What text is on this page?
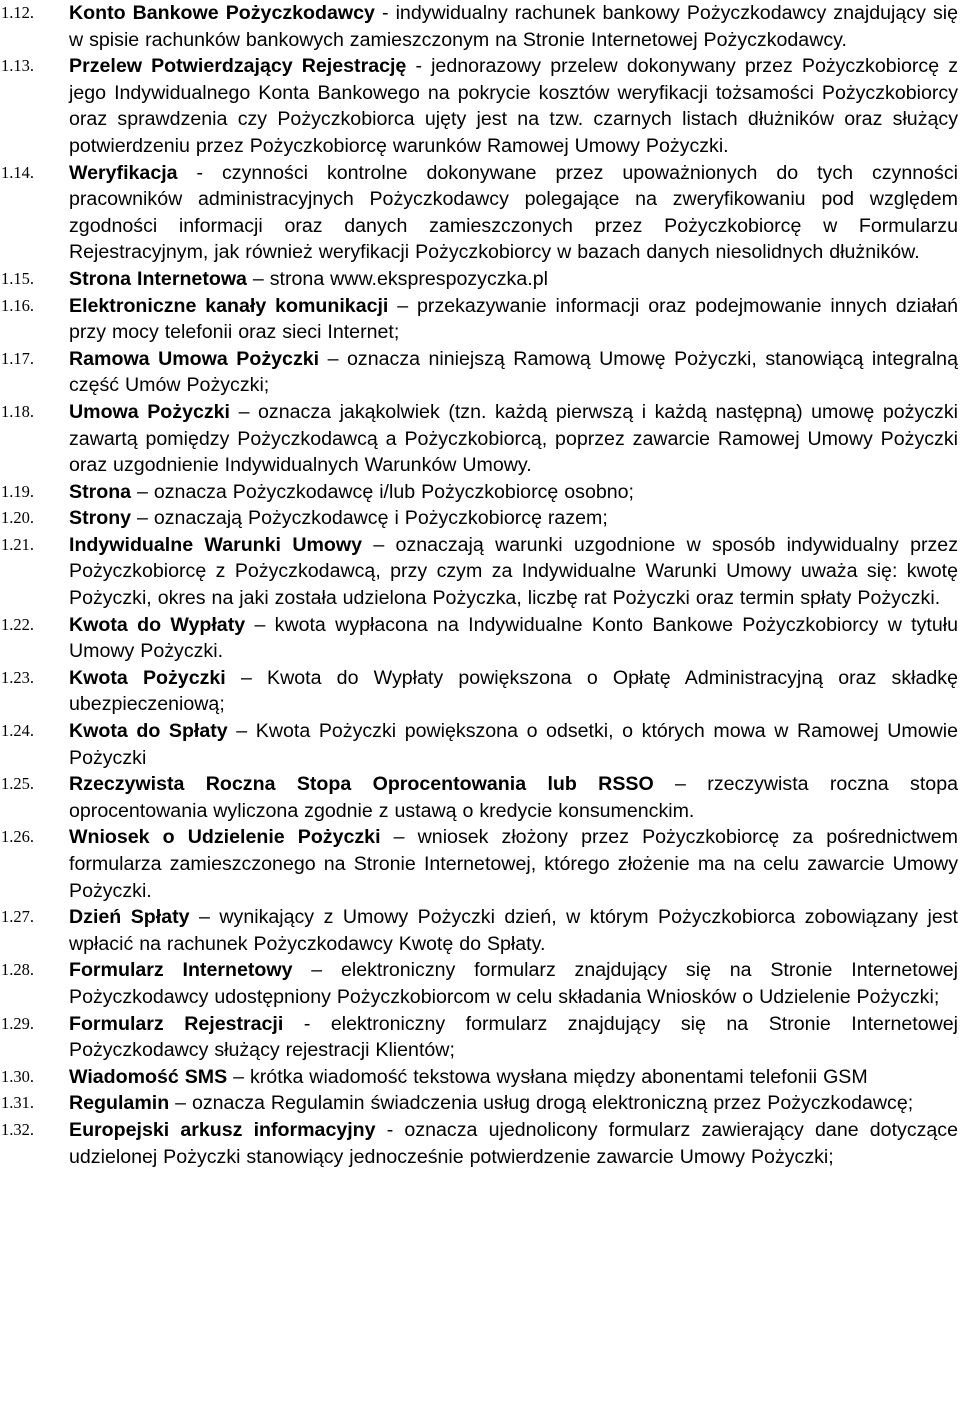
1.12.	Konto Bankowe Pożyczkodawcy - indywidualny rachunek bankowy Pożyczkodawcy znajdujący się w spisie rachunków bankowych zamieszczonym na Stronie Internetowej Pożyczkodawcy.
1.13.	Przelew Potwierdzający Rejestrację - jednorazowy przelew dokonywany przez Pożyczkobiorcę z jego Indywidualnego Konta Bankowego na pokrycie kosztów weryfikacji tożsamości Pożyczkobiorcy oraz sprawdzenia czy Pożyczkobiorca ujęty jest na tzw. czarnych listach dłużników oraz służący potwierdzeniu przez Pożyczkobiorcę warunków Ramowej Umowy Pożyczki.
1.14.	Weryfikacja - czynności kontrolne dokonywane przez upoważnionych do tych czynności pracowników administracyjnych Pożyczkodawcy polegające na zweryfikowaniu pod względem zgodności informacji oraz danych zamieszczonych przez Pożyczkobiorcę w Formularzu Rejestracyjnym, jak również weryfikacji Pożyczkobiorcy w bazach danych niesolidnych dłużników.
1.15.	Strona Internetowa – strona www.ekspresрozyczka.pl
1.16.	Elektroniczne kanały komunikacji – przekazywanie informacji oraz podejmowanie innych działań przy mocy telefonii oraz sieci Internet;
1.17.	Ramowa Umowa Pożyczki – oznacza niniejszą Ramową Umowę Pożyczki, stanowiącą integralną część Umów Pożyczki;
1.18.	Umowa Pożyczki – oznacza jakąkolwiek (tzn. każdą pierwszą i każdą następną) umowę pożyczki zawartą pomiędzy Pożyczkodawcą a Pożyczkobiorcą, poprzez zawarcie Ramowej Umowy Pożyczki oraz uzgodnienie Indywidualnych Warunków Umowy.
1.19.	Strona – oznacza Pożyczkodawcę i/lub Pożyczkobiorcę osobno;
1.20.	Strony – oznaczają Pożyczkodawcę i Pożyczkobiorcę razem;
1.21.	Indywidualne Warunki Umowy – oznaczają warunki uzgodnione w sposób indywidualny przez Pożyczkobiorcę z Pożyczkodawcą, przy czym za Indywidualne Warunki Umowy uważa się: kwotę Pożyczki, okres na jaki została udzielona Pożyczka, liczbę rat Pożyczki oraz termin spłaty Pożyczki.
1.22.	Kwota do Wypłaty – kwota wypłacona na Indywidualne Konto Bankowe Pożyczkobiorcy w tytułu Umowy Pożyczki.
1.23.	Kwota Pożyczki – Kwota do Wypłaty powiększona o Opłatę Administracyjną oraz składkę ubezpieczeniową;
1.24.	Kwota do Spłaty – Kwota Pożyczki powiększona o odsetki, o których mowa w Ramowej Umowie Pożyczki
1.25.	Rzeczywista Roczna Stopa Oprocentowania lub RSSO – rzeczywista roczna stopa oprocentowania wyliczona zgodnie z ustawą o kredycie konsumenckim.
1.26.	Wniosek o Udzielenie Pożyczki – wniosek złożony przez Pożyczkobiorcę za pośrednictwem formularza zamieszczonego na Stronie Internetowej, którego złożenie ma na celu zawarcie Umowy Pożyczki.
1.27.	Dzień Spłaty – wynikający z Umowy Pożyczki dzień, w którym Pożyczkobiorca zobowiązany jest wpłacić na rachunek Pożyczkodawcy Kwotę do Spłaty.
1.28.	Formularz Internetowy – elektroniczny formularz znajdujący się na Stronie Internetowej Pożyczkodawcy udostępniony Pożyczkobiorcom w celu składania Wniosków o Udzielenie Pożyczki;
1.29.	Formularz Rejestracji - elektroniczny formularz znajdujący się na Stronie Internetowej Pożyczkodawcy służący rejestracji Klientów;
1.30.	Wiadomość SMS – krótka wiadomość tekstowa wysłana między abonentami telefonii GSM
1.31.	Regulamin – oznacza Regulamin świadczenia usług drogą elektroniczną przez Pożyczkodawcę;
1.32.	Europejski arkusz informacyjny - oznacza ujednolicony formularz zawierający dane dotyczące udzielonej Pożyczki stanowiący jednocześnie potwierdzenie zawarcie Umowy Pożyczki;
